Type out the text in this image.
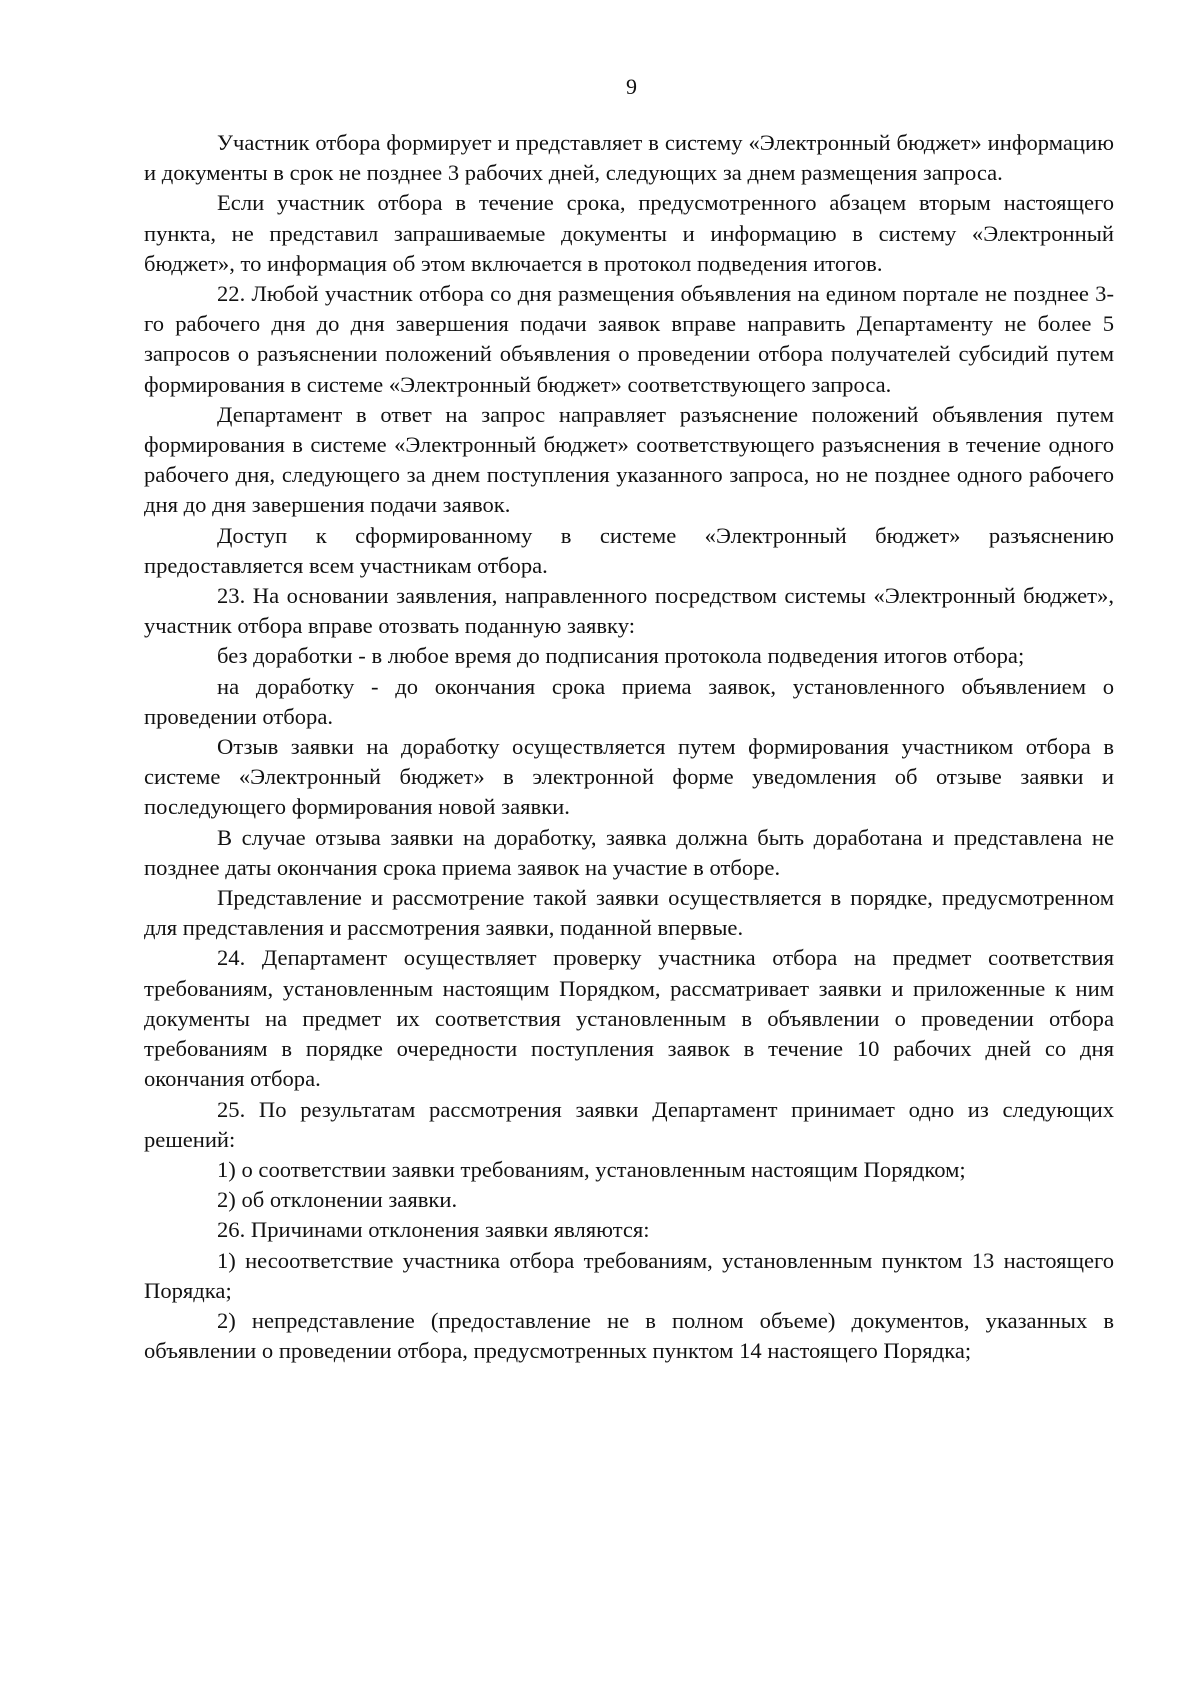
9

Участник отбора формирует и представляет в систему «Электронный бюджет» информацию и документы в срок не позднее 3 рабочих дней, следующих за днем размещения запроса.

Если участник отбора в течение срока, предусмотренного абзацем вторым настоящего пункта, не представил запрашиваемые документы и информацию в систему «Электронный бюджет», то информация об этом включается в протокол подведения итогов.

22. Любой участник отбора со дня размещения объявления на едином портале не позднее 3-го рабочего дня до дня завершения подачи заявок вправе направить Департаменту не более 5 запросов о разъяснении положений объявления о проведении отбора получателей субсидий путем формирования в системе «Электронный бюджет» соответствующего запроса.

Департамент в ответ на запрос направляет разъяснение положений объявления путем формирования в системе «Электронный бюджет» соответствующего разъяснения в течение одного рабочего дня, следующего за днем поступления указанного запроса, но не позднее одного рабочего дня до дня завершения подачи заявок.

Доступ к сформированному в системе «Электронный бюджет» разъяснению предоставляется всем участникам отбора.

23. На основании заявления, направленного посредством системы «Электронный бюджет», участник отбора вправе отозвать поданную заявку:

без доработки - в любое время до подписания протокола подведения итогов отбора;

на доработку - до окончания срока приема заявок, установленного объявлением о проведении отбора.

Отзыв заявки на доработку осуществляется путем формирования участником отбора в системе «Электронный бюджет» в электронной форме уведомления об отзыве заявки и последующего формирования новой заявки.

В случае отзыва заявки на доработку, заявка должна быть доработана и представлена не позднее даты окончания срока приема заявок на участие в отборе.

Представление и рассмотрение такой заявки осуществляется в порядке, предусмотренном для представления и рассмотрения заявки, поданной впервые.

24. Департамент осуществляет проверку участника отбора на предмет соответствия требованиям, установленным настоящим Порядком, рассматривает заявки и приложенные к ним документы на предмет их соответствия установленным в объявлении о проведении отбора требованиям в порядке очередности поступления заявок в течение 10 рабочих дней со дня окончания отбора.

25. По результатам рассмотрения заявки Департамент принимает одно из следующих решений:

1) о соответствии заявки требованиям, установленным настоящим Порядком;

2) об отклонении заявки.

26. Причинами отклонения заявки являются:

1) несоответствие участника отбора требованиям, установленным пунктом 13 настоящего Порядка;

2) непредставление (предоставление не в полном объеме) документов, указанных в объявлении о проведении отбора, предусмотренных пунктом 14 настоящего Порядка;
